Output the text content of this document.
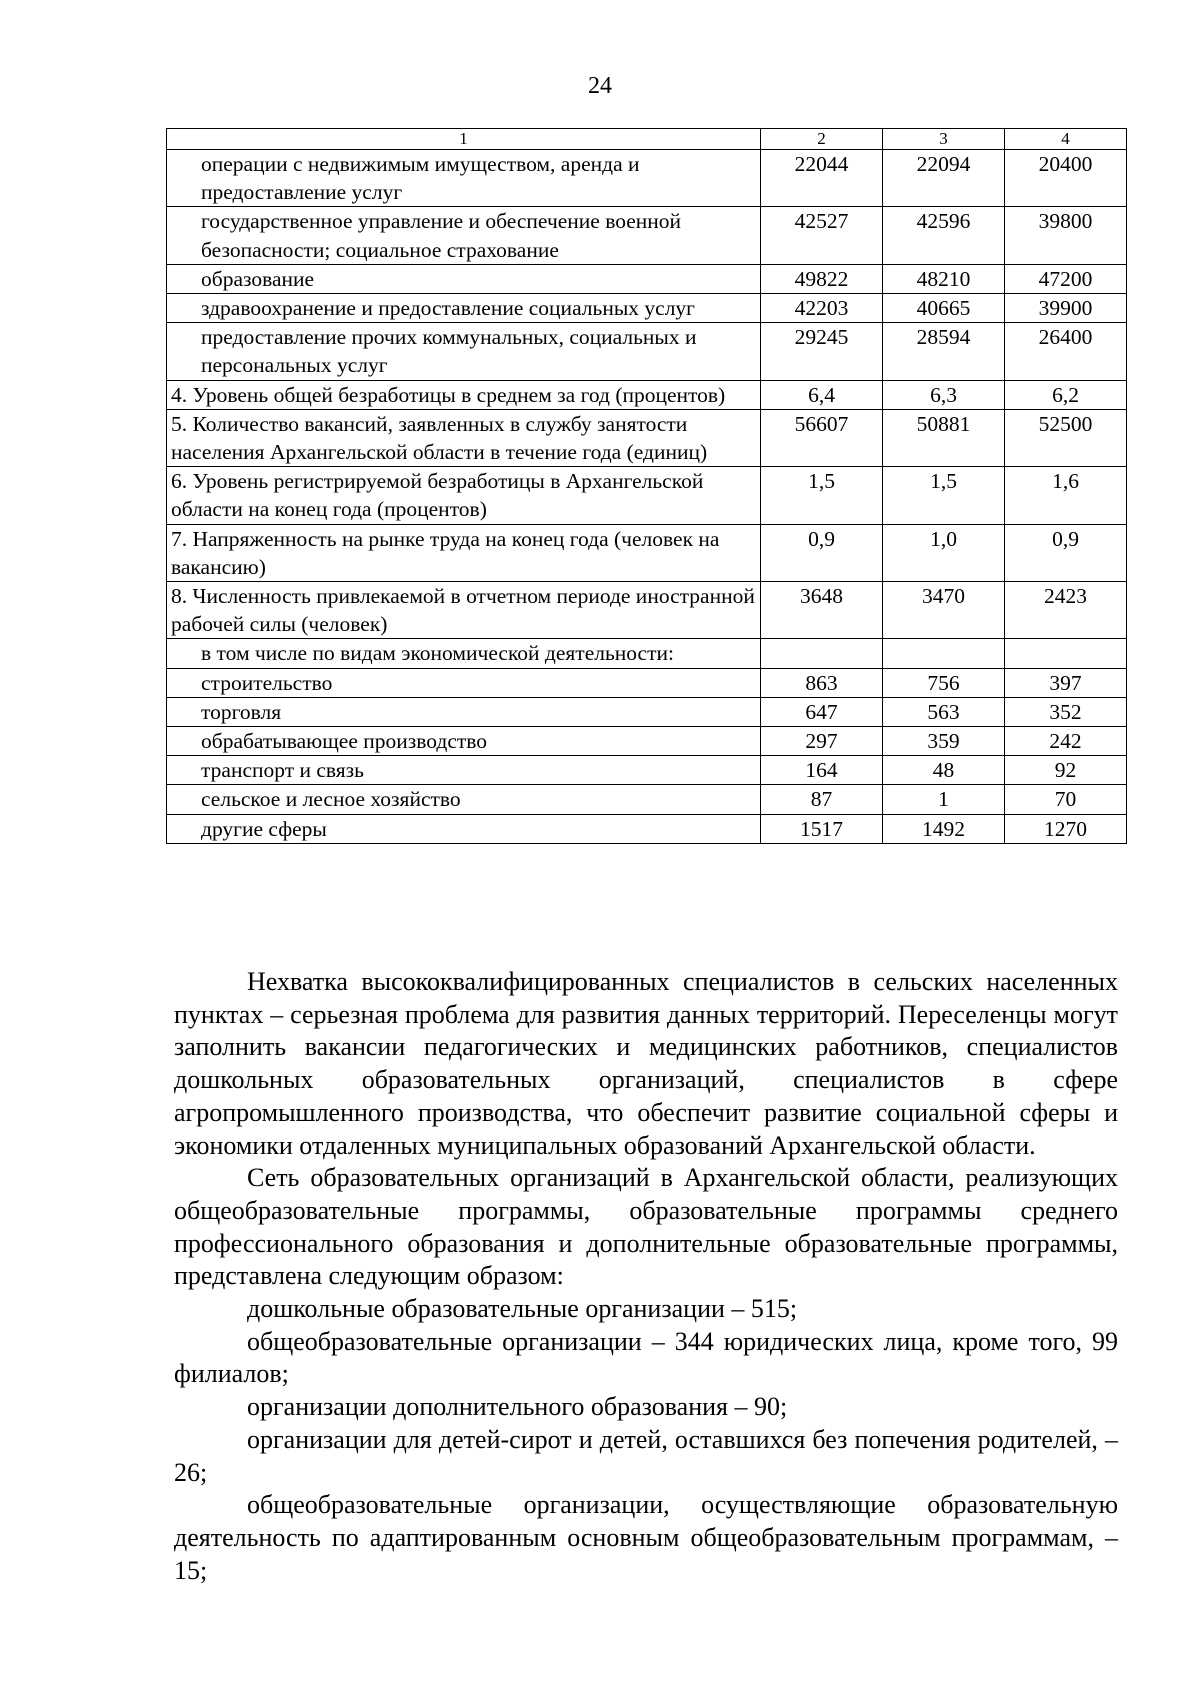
24
1	2	3	4
операции с недвижимым имуществом, аренда и предоставление услуг	22044	22094	20400
государственное управление и обеспечение военной безопасности; социальное страхование	42527	42596	39800
образование	49822	48210	47200
здравоохранение и предоставление социальных услуг	42203	40665	39900
предоставление прочих коммунальных, социальных и персональных услуг	29245	28594	26400
4. Уровень общей безработицы в среднем за год (процентов)	6,4	6,3	6,2
5. Количество вакансий, заявленных в службу занятости населения Архангельской области в течение года (единиц)	56607	50881	52500
6. Уровень регистрируемой безработицы в Архангельской области на конец года (процентов)	1,5	1,5	1,6
7. Напряженность на рынке труда на конец года (человек на вакансию)	0,9	1,0	0,9
8. Численность привлекаемой в отчетном периоде иностранной рабочей силы (человек)	3648	3470	2423
в том числе по видам экономической деятельности:			
строительство	863	756	397
торговля	647	563	352
обрабатывающее производство	297	359	242
транспорт и связь	164	48	92
сельское и лесное хозяйство	87	1	70
другие сферы	1517	1492	1270

Нехватка высококвалифицированных специалистов в сельских населенных пунктах – серьезная проблема для развития данных территорий. Переселенцы могут заполнить вакансии педагогических и медицинских работников, специалистов дошкольных образовательных организаций, специалистов в сфере агропромышленного производства, что обеспечит развитие социальной сферы и экономики отдаленных муниципальных образований Архангельской области.

Сеть образовательных организаций в Архангельской области, реализующих общеобразовательные программы, образовательные программы среднего профессионального образования и дополнительные образовательные программы, представлена следующим образом:

дошкольные образовательные организации – 515;

общеобразовательные организации – 344 юридических лица, кроме того, 99 филиалов;

организации дополнительного образования – 90;

организации для детей-сирот и детей, оставшихся без попечения родителей, – 26;

общеобразовательные организации, осуществляющие образовательную деятельность по адаптированным основным общеобразовательным программам, – 15;
